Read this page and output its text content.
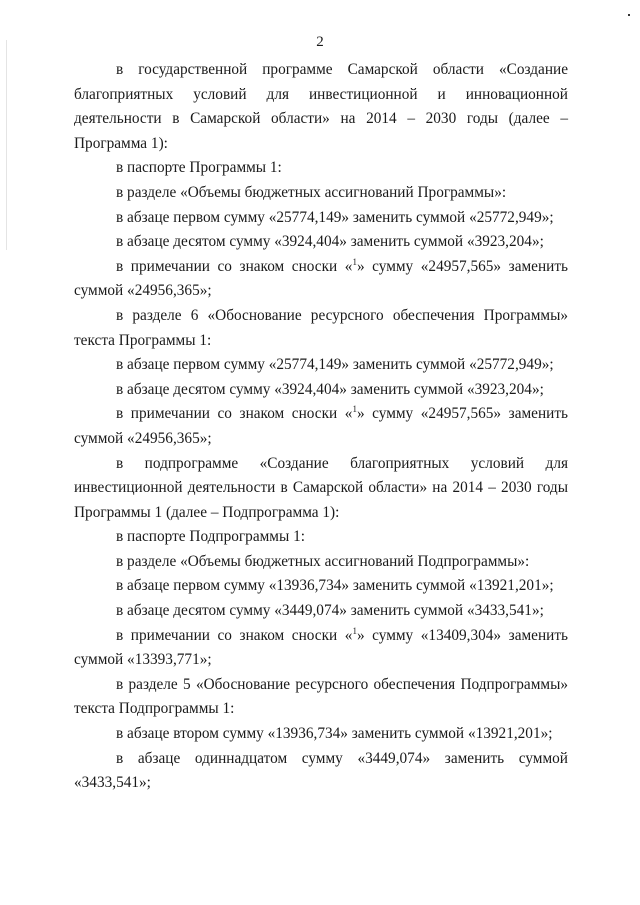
2
в государственной программе Самарской области «Создание
благоприятных условий для инвестиционной и инновационной
деятельности в Самарской области» на 2014 – 2030 годы (далее –
Программа 1):
в паспорте Программы 1:
в разделе «Объемы бюджетных ассигнований Программы»:
в абзаце первом сумму «25774,149» заменить суммой «25772,949»;
в абзаце десятом сумму «3924,404» заменить суммой «3923,204»;
в примечании со знаком сноски «$^1$» сумму «24957,565» заменить
суммой «24956,365»;
в разделе 6 «Обоснование ресурсного обеспечения Программы»
текста Программы 1:
в абзаце первом сумму «25774,149» заменить суммой «25772,949»;
в абзаце десятом сумму «3924,404» заменить суммой «3923,204»;
в примечании со знаком сноски «$^1$» сумму «24957,565» заменить
суммой «24956,365»;
в подпрограмме «Создание благоприятных условий для
инвестиционной деятельности в Самарской области» на 2014 – 2030 годы
Программы 1 (далее – Подпрограмма 1):
в паспорте Подпрограммы 1:
в разделе «Объемы бюджетных ассигнований Подпрограммы»:
в абзаце первом сумму «13936,734» заменить суммой «13921,201»;
в абзаце десятом сумму «3449,074» заменить суммой «3433,541»;
в примечании со знаком сноски «$^1$» сумму «13409,304» заменить
суммой «13393,771»;
в разделе 5 «Обоснование ресурсного обеспечения Подпрограммы»
текста Подпрограммы 1:
в абзаце втором сумму «13936,734» заменить суммой «13921,201»;
в абзаце одиннадцатом сумму «3449,074» заменить суммой
«3433,541»;
